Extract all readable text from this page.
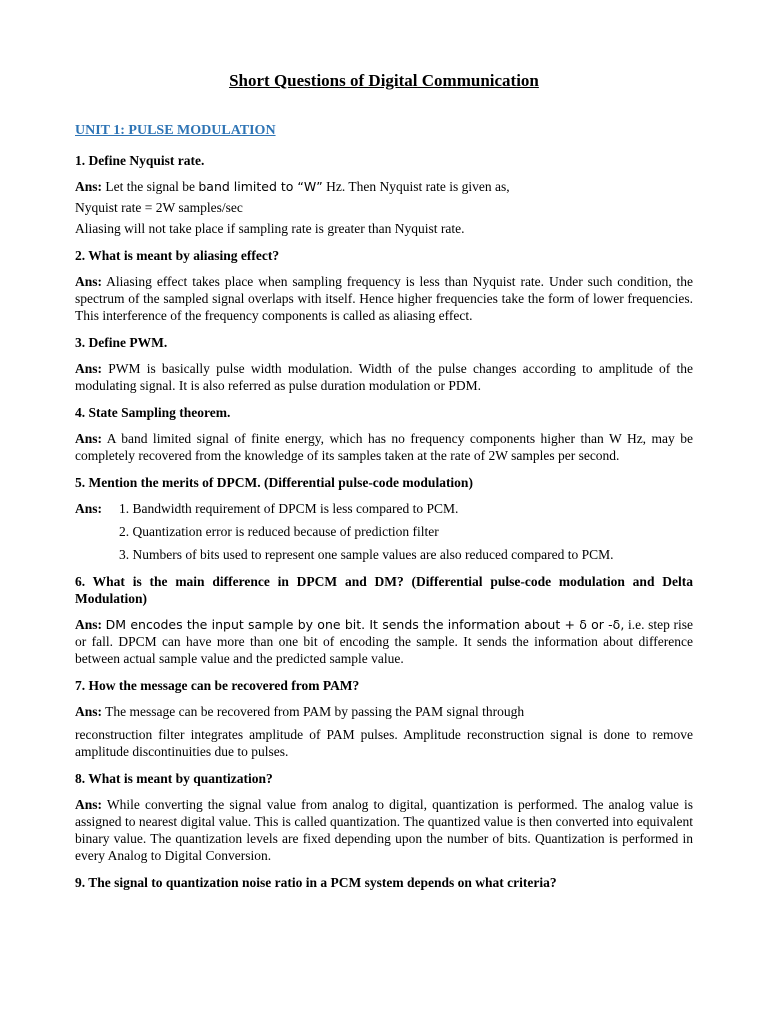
Short Questions of Digital Communication
UNIT 1: PULSE MODULATION
1. Define Nyquist rate.
Ans: Let the signal be band limited to “W” Hz. Then Nyquist rate is given as,
Nyquist rate = 2W samples/sec
Aliasing will not take place if sampling rate is greater than Nyquist rate.
2. What is meant by aliasing effect?
Ans: Aliasing effect takes place when sampling frequency is less than Nyquist rate. Under such condition, the spectrum of the sampled signal overlaps with itself. Hence higher frequencies take the form of lower frequencies. This interference of the frequency components is called as aliasing effect.
3. Define PWM.
Ans: PWM is basically pulse width modulation. Width of the pulse changes according to amplitude of the modulating signal. It is also referred as pulse duration modulation or PDM.
4. State Sampling theorem.
Ans: A band limited signal of finite energy, which has no frequency components higher than W Hz, may be completely recovered from the knowledge of its samples taken at the rate of 2W samples per second.
5. Mention the merits of DPCM. (Differential pulse-code modulation)
Ans:	1. Bandwidth requirement of DPCM is less compared to PCM.
2. Quantization error is reduced because of prediction filter
3. Numbers of bits used to represent one sample values are also reduced compared to PCM.
6. What is the main difference in DPCM and DM? (Differential pulse-code modulation and Delta Modulation)
Ans: DM encodes the input sample by one bit. It sends the information about + δ or -δ, i.e. step rise or fall. DPCM can have more than one bit of encoding the sample. It sends the information about difference between actual sample value and the predicted sample value.
7. How the message can be recovered from PAM?
Ans: The message can be recovered from PAM by passing the PAM signal through
reconstruction filter integrates amplitude of PAM pulses. Amplitude reconstruction signal is done to remove amplitude discontinuities due to pulses.
8. What is meant by quantization?
Ans: While converting the signal value from analog to digital, quantization is performed. The analog value is assigned to nearest digital value. This is called quantization. The quantized value is then converted into equivalent binary value. The quantization levels are fixed depending upon the number of bits. Quantization is performed in every Analog to Digital Conversion.
9. The signal to quantization noise ratio in a PCM system depends on what criteria?
